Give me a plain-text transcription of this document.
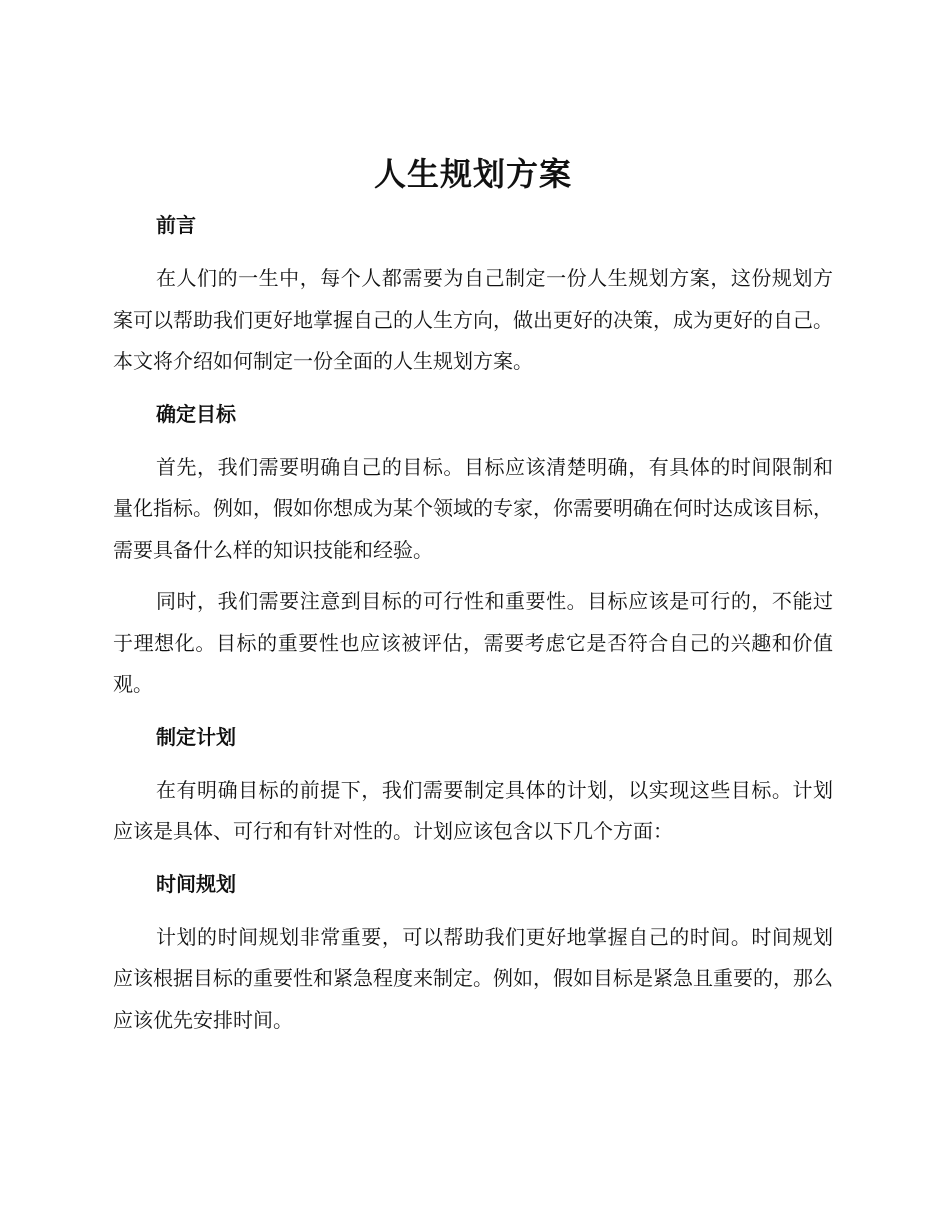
人生规划方案
前言

在人们的一生中，每个人都需要为自己制定一份人生规划方案，这份规划方案可以帮助我们更好地掌握自己的人生方向，做出更好的决策，成为更好的自己。本文将介绍如何制定一份全面的人生规划方案。

确定目标

首先，我们需要明确自己的目标。目标应该清楚明确，有具体的时间限制和量化指标。例如，假如你想成为某个领域的专家，你需要明确在何时达成该目标，需要具备什么样的知识技能和经验。

同时，我们需要注意到目标的可行性和重要性。目标应该是可行的，不能过于理想化。目标的重要性也应该被评估，需要考虑它是否符合自己的兴趣和价值观。

制定计划

在有明确目标的前提下，我们需要制定具体的计划，以实现这些目标。计划应该是具体、可行和有针对性的。计划应该包含以下几个方面：

时间规划

计划的时间规划非常重要，可以帮助我们更好地掌握自己的时间。时间规划应该根据目标的重要性和紧急程度来制定。例如，假如目标是紧急且重要的，那么应该优先安排时间。
